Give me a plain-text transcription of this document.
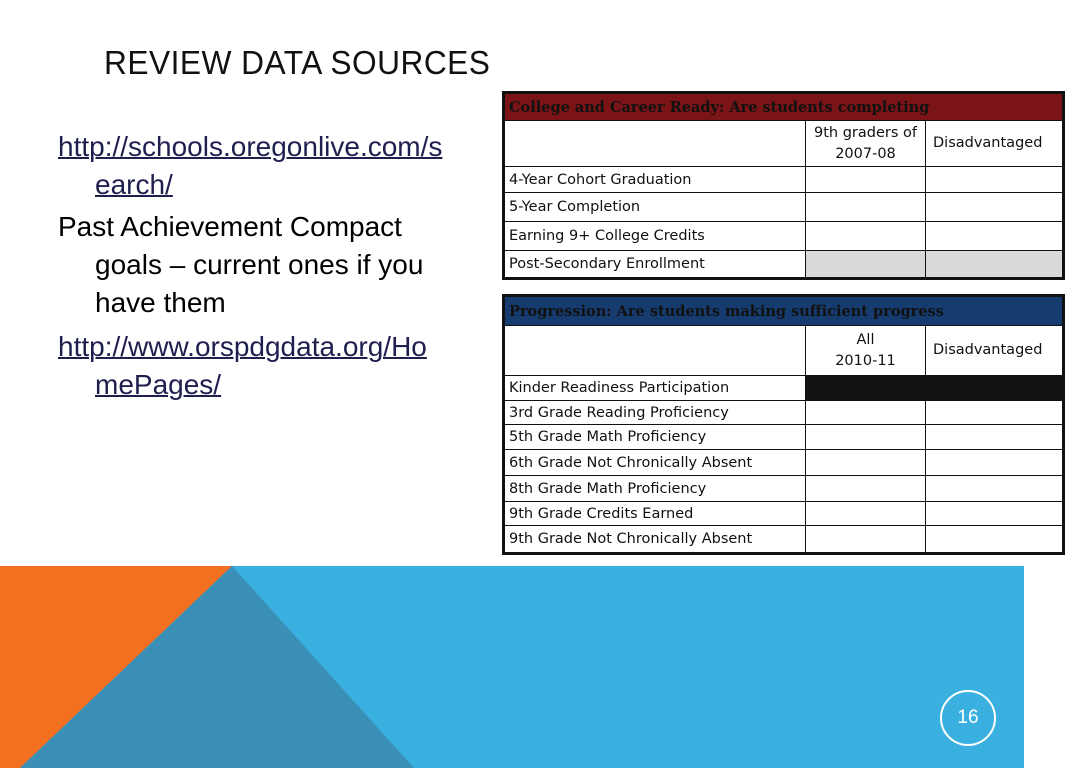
REVIEW DATA SOURCES
http://schools.oregonlive.com/search/
Past Achievement Compact goals – current ones if you have them
http://www.orspdgdata.org/HomePages/
College and Career Ready: Are students completing		

	9th graders of
2007-08	Disadvantaged
4-Year Cohort Graduation		
5-Year Completion		
Earning 9+ College Credits		
Post-Secondary Enrollment		
Progression: Are students making sufficient progress		

	All
2010-11	Disadvantaged
Kinder Readiness Participation		
3rd Grade Reading Proficiency		
5th Grade Math Proficiency		
6th Grade Not Chronically Absent		
8th Grade Math Proficiency		
9th Grade Credits Earned		
9th Grade Not Chronically Absent		
16
